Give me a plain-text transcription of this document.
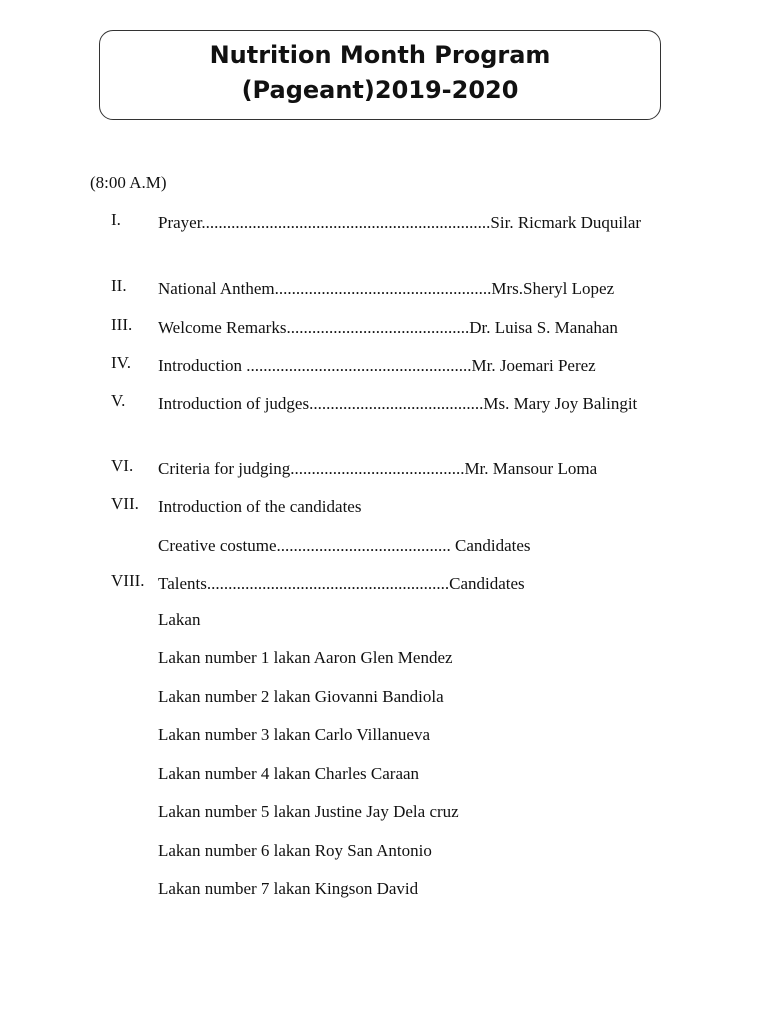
Nutrition Month Program
(Pageant)2019-2020
(8:00 A.M)
I. Prayer....................................................................Sir. Ricmark Duquilar
II. National Anthem...................................................Mrs.Sheryl Lopez
III. Welcome Remarks...........................................Dr. Luisa S. Manahan
IV. Introduction .....................................................Mr. Joemari Perez
V. Introduction of judges.........................................Ms. Mary Joy Balingit
VI. Criteria for judging.........................................Mr. Mansour Loma
VII. Introduction of the candidates
Creative costume......................................... Candidates
VIII. Talents.........................................................Candidates
Lakan
Lakan number 1 lakan Aaron Glen Mendez
Lakan number 2 lakan Giovanni Bandiola
Lakan number 3 lakan Carlo Villanueva
Lakan number 4 lakan Charles Caraan
Lakan number 5 lakan Justine Jay Dela cruz
Lakan number 6 lakan Roy San Antonio
Lakan number 7 lakan Kingson David
